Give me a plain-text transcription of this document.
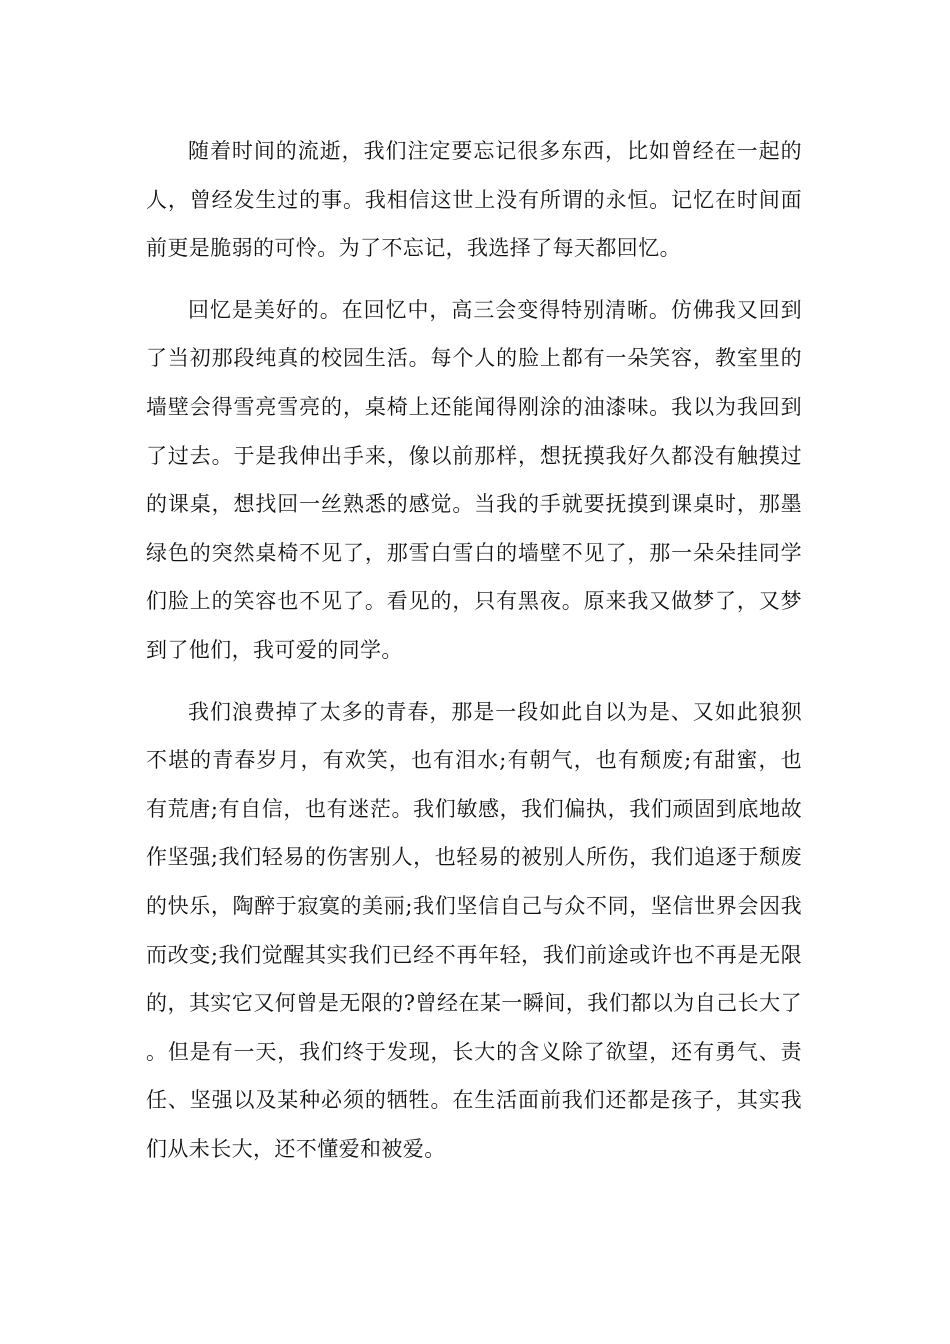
随着时间的流逝，我们注定要忘记很多东西，比如曾经在一起的人，曾经发生过的事。我相信这世上没有所谓的永恒。记忆在时间面前更是脆弱的可怜。为了不忘记，我选择了每天都回忆。

回忆是美好的。在回忆中，高三会变得特别清晰。仿佛我又回到了当初那段纯真的校园生活。每个人的脸上都有一朵笑容，教室里的墙壁会得雪亮雪亮的，桌椅上还能闻得刚涂的油漆味。我以为我回到了过去。于是我伸出手来，像以前那样，想抚摸我好久都没有触摸过的课桌，想找回一丝熟悉的感觉。当我的手就要抚摸到课桌时，那墨绿色的突然桌椅不见了，那雪白雪白的墙壁不见了，那一朵朵挂同学们脸上的笑容也不见了。看见的，只有黑夜。原来我又做梦了，又梦到了他们，我可爱的同学。

我们浪费掉了太多的青春，那是一段如此自以为是、又如此狼狈不堪的青春岁月，有欢笑，也有泪水;有朝气，也有颓废;有甜蜜，也有荒唐;有自信，也有迷茫。我们敏感，我们偏执，我们顽固到底地故作坚强;我们轻易的伤害别人，也轻易的被别人所伤，我们追逐于颓废的快乐，陶醉于寂寞的美丽;我们坚信自己与众不同，坚信世界会因我而改变;我们觉醒其实我们已经不再年轻，我们前途或许也不再是无限的，其实它又何曾是无限的?曾经在某一瞬间，我们都以为自己长大了。但是有一天，我们终于发现，长大的含义除了欲望，还有勇气、责任、坚强以及某种必须的牺牲。在生活面前我们还都是孩子，其实我们从未长大，还不懂爱和被爱。
